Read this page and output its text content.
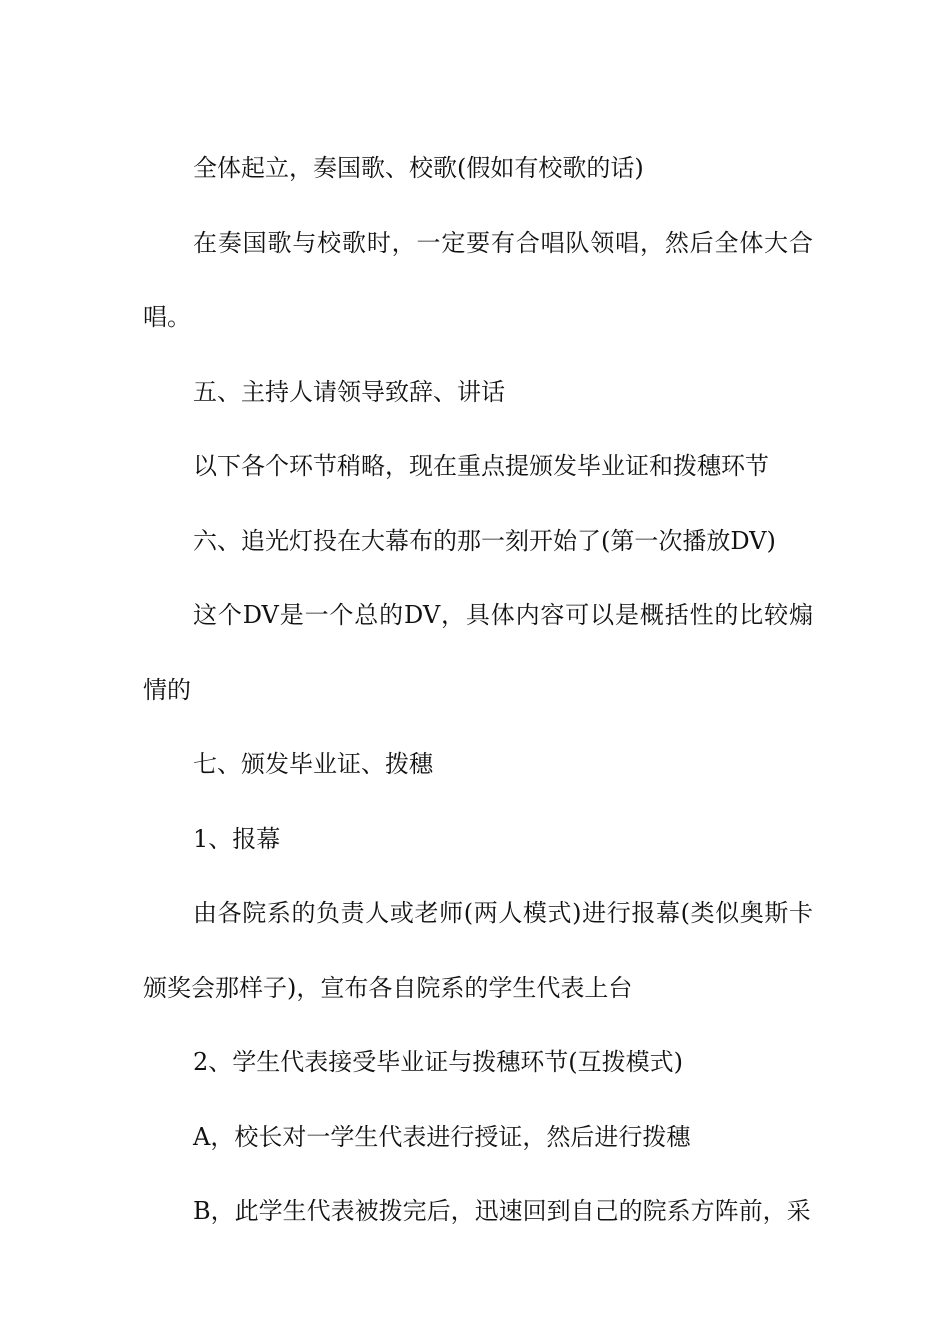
全体起立，奏国歌、校歌(假如有校歌的话)

在奏国歌与校歌时，一定要有合唱队领唱，然后全体大合唱。

五、主持人请领导致辞、讲话

以下各个环节稍略，现在重点提颁发毕业证和拨穗环节

六、追光灯投在大幕布的那一刻开始了(第一次播放DV)

这个DV是一个总的DV，具体内容可以是概括性的比较煽情的

七、颁发毕业证、拨穗

1、报幕

由各院系的负责人或老师(两人模式)进行报幕(类似奥斯卡颁奖会那样子)，宣布各自院系的学生代表上台

2、学生代表接受毕业证与拨穗环节(互拨模式)

A，校长对一学生代表进行授证，然后进行拨穗

B，此学生代表被拨完后，迅速回到自己的院系方阵前，采
